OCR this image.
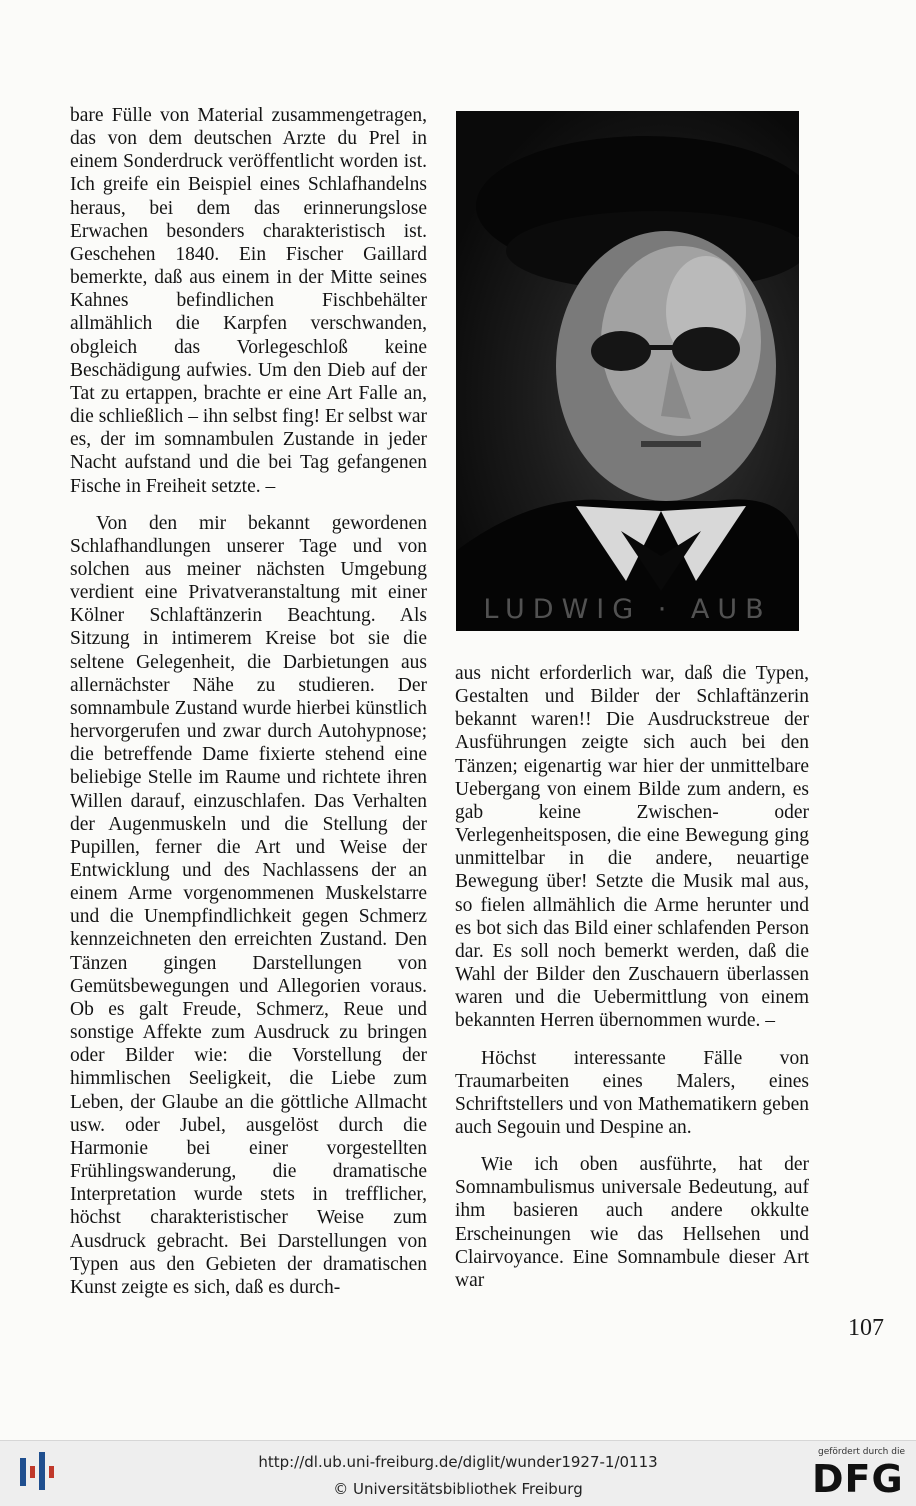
bare Fülle von Material zusammengetragen, das von dem deutschen Arzte du Prel in einem Sonderdruck veröffentlicht worden ist. Ich greife ein Beispiel eines Schlafhandelns heraus, bei dem das erinnerungslose Erwachen besonders charakteristisch ist. Geschehen 1840. Ein Fischer Gaillard bemerkte, daß aus einem in der Mitte seines Kahnes befindlichen Fischbehälter allmählich die Karpfen verschwanden, obgleich das Vorlegeschloß keine Beschädigung aufwies. Um den Dieb auf der Tat zu ertappen, brachte er eine Art Falle an, die schließlich – ihn selbst fing! Er selbst war es, der im somnambulen Zustande in jeder Nacht aufstand und die bei Tag gefangenen Fische in Freiheit setzte. –

Von den mir bekannt gewordenen Schlafhandlungen unserer Tage und von solchen aus meiner nächsten Umgebung verdient eine Privatveranstaltung mit einer Kölner Schlaftänzerin Beachtung. Als Sitzung in intimerem Kreise bot sie die seltene Gelegenheit, die Darbietungen aus allernächster Nähe zu studieren. Der somnambule Zustand wurde hierbei künstlich hervorgerufen und zwar durch Autohypnose; die betreffende Dame fixierte stehend eine beliebige Stelle im Raume und richtete ihren Willen darauf, einzuschlafen. Das Verhalten der Augenmuskeln und die Stellung der Pupillen, ferner die Art und Weise der Entwicklung und des Nachlassens der an einem Arme vorgenommenen Muskelstarre und die Unempfindlichkeit gegen Schmerz kennzeichneten den erreichten Zustand. Den Tänzen gingen Darstellungen von Gemütsbewegungen und Allegorien voraus. Ob es galt Freude, Schmerz, Reue und sonstige Affekte zum Ausdruck zu bringen oder Bilder wie: die Vorstellung der himmlischen Seeligkeit, die Liebe zum Leben, der Glaube an die göttliche Allmacht usw. oder Jubel, ausgelöst durch die Harmonie bei einer vorgestellten Frühlingswanderung, die dramatische Interpretation wurde stets in trefflicher, höchst charakteristischer Weise zum Ausdruck gebracht. Bei Darstellungen von Typen aus den Gebieten der dramatischen Kunst zeigte es sich, daß es durch-

LUDWIG · AUB

aus nicht erforderlich war, daß die Typen, Gestalten und Bilder der Schlaftänzerin bekannt waren!! Die Ausdruckstreue der Ausführungen zeigte sich auch bei den Tänzen; eigenartig war hier der unmittelbare Uebergang von einem Bilde zum andern, es gab keine Zwischen- oder Verlegenheitsposen, die eine Bewegung ging unmittelbar in die andere, neuartige Bewegung über! Setzte die Musik mal aus, so fielen allmählich die Arme herunter und es bot sich das Bild einer schlafenden Person dar. Es soll noch bemerkt werden, daß die Wahl der Bilder den Zuschauern überlassen waren und die Uebermittlung von einem bekannten Herren übernommen wurde. –

Höchst interessante Fälle von Traumarbeiten eines Malers, eines Schriftstellers und von Mathematikern geben auch Segouin und Despine an.

Wie ich oben ausführte, hat der Somnambulismus universale Bedeutung, auf ihm basieren auch andere okkulte Erscheinungen wie das Hellsehen und Clairvoyance. Eine Somnambule dieser Art war

107
http://dl.ub.uni-freiburg.de/diglit/wunder1927-1/0113
© Universitätsbibliothek Freiburg
gefördert durch die
DFG
